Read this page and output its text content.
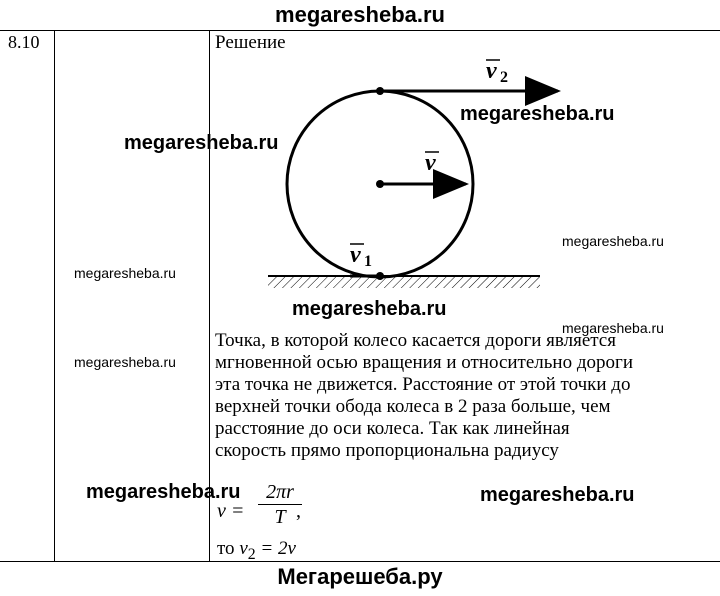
megaresheba.ru
8.10	Решение
v 2
v
v 1
Точка, в которой колесо касается дороги является
мгновенной осью вращения и относительно дороги
эта точка не движется. Расстояние от этой точки до
верхней точки обода колеса в 2 раза больше, чем
расстояние до оси колеса. Так как линейная
скорость прямо пропорциональна радиусу
v =
2πr
T ,
то $v_2 = 2v$
megaresheba.ru
megaresheba.ru
megaresheba.ru
megaresheba.ru
megaresheba.ru
megaresheba.ru
megaresheba.ru
megaresheba.ru	megaresheba.ru
Мегарешеба.ру
